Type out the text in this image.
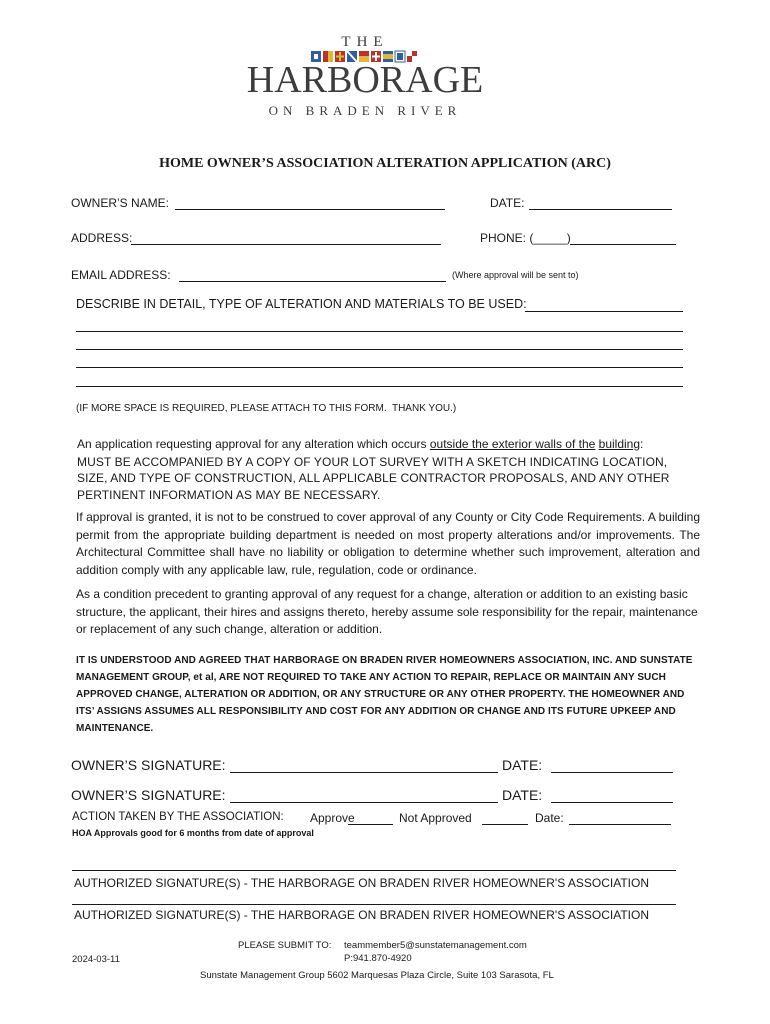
THE
HARBORAGE
ON BRADEN RIVER
HOME OWNER’S ASSOCIATION ALTERATION APPLICATION (ARC)
OWNER’S NAME:	DATE:
ADDRESS:	PHONE: (_____)
EMAIL ADDRESS:	(Where approval will be sent to)
DESCRIBE IN DETAIL, TYPE OF ALTERATION AND MATERIALS TO BE USED:
(IF MORE SPACE IS REQUIRED, PLEASE ATTACH TO THIS FORM.  THANK YOU.)
An application requesting approval for any alteration which occurs outside the exterior walls of the building:
MUST BE ACCOMPANIED BY A COPY OF YOUR LOT SURVEY WITH A SKETCH INDICATING LOCATION, SIZE, AND TYPE OF CONSTRUCTION, ALL APPLICABLE CONTRACTOR PROPOSALS, AND ANY OTHER PERTINENT INFORMATION AS MAY BE NECESSARY.
If approval is granted, it is not to be construed to cover approval of any County or City Code Requirements. A building permit from the appropriate building department is needed on most property alterations and/or improvements. The Architectural Committee shall have no liability or obligation to determine whether such improvement, alteration and addition comply with any applicable law, rule, regulation, code or ordinance.
As a condition precedent to granting approval of any request for a change, alteration or addition to an existing basic structure, the applicant, their hires and assigns thereto, hereby assume sole responsibility for the repair, maintenance or replacement of any such change, alteration or addition.
IT IS UNDERSTOOD AND AGREED THAT HARBORAGE ON BRADEN RIVER HOMEOWNERS ASSOCIATION, INC. AND SUNSTATE MANAGEMENT GROUP, et al, ARE NOT REQUIRED TO TAKE ANY ACTION TO REPAIR, REPLACE OR MAINTAIN ANY SUCH APPROVED CHANGE, ALTERATION OR ADDITION, OR ANY STRUCTURE OR ANY OTHER PROPERTY. THE HOMEOWNER AND ITS’ ASSIGNS ASSUMES ALL RESPONSIBILITY AND COST FOR ANY ADDITION OR CHANGE AND ITS FUTURE UPKEEP AND MAINTENANCE.
OWNER’S SIGNATURE:	DATE:
OWNER’S SIGNATURE:	DATE:
ACTION TAKEN BY THE ASSOCIATION: Approve	Not Approved	Date:
HOA Approvals good for 6 months from date of approval
AUTHORIZED SIGNATURE(S) - THE HARBORAGE ON BRADEN RIVER HOMEOWNER'S ASSOCIATION
AUTHORIZED SIGNATURE(S) - THE HARBORAGE ON BRADEN RIVER HOMEOWNER'S ASSOCIATION
2024-03-11
PLEASE SUBMIT TO: teammember5@sunstatemanagement.com
P:941.870-4920
Sunstate Management Group 5602 Marquesas Plaza Circle, Suite 103 Sarasota, FL
